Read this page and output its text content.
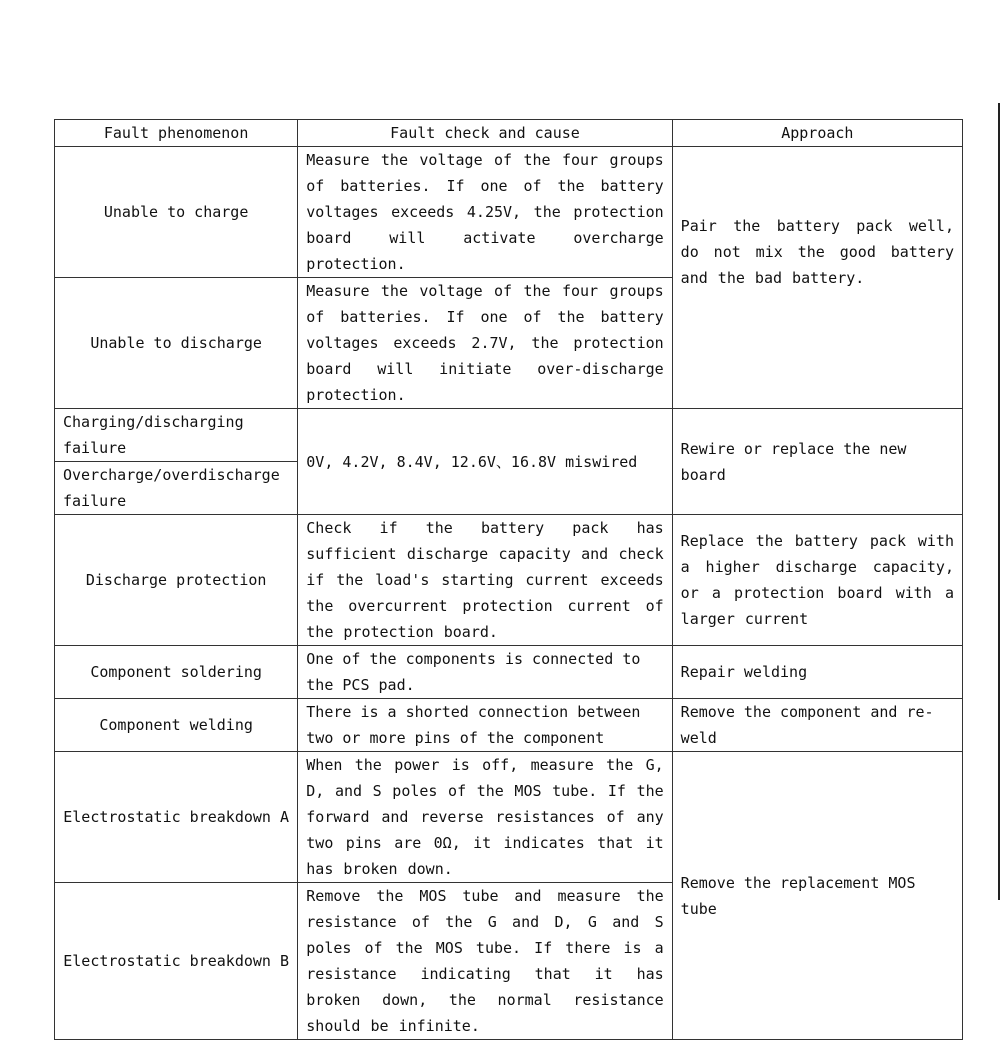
Fault phenomenon	Fault check and cause	Approach
Unable to charge	Measure the voltage of the four groups of batteries. If one of the battery voltages exceeds 4.25V, the protection board will activate overcharge protection.	Pair the battery pack well, do not mix the good battery and the bad battery.
Unable to discharge	Measure the voltage of the four groups of batteries. If one of the battery voltages exceeds 2.7V, the protection board will initiate over-discharge protection.	
Charging/discharging failure	0V, 4.2V, 8.4V, 12.6V、16.8V miswired	Rewire or replace the new board
Overcharge/overdischarge failure		
Discharge protection	Check if the battery pack has sufficient discharge capacity and check if the load's starting current exceeds the overcurrent protection current of the protection board.	Replace the battery pack with a higher discharge capacity, or a protection board with a larger current
Component soldering	One of the components is connected to the PCS pad.	Repair welding
Component welding	There is a shorted connection between two or more pins of the component	Remove the component and re-weld
Electrostatic breakdown A	When the power is off, measure the G, D, and S poles of the MOS tube. If the forward and reverse resistances of any two pins are 0Ω, it indicates that it has broken down.	Remove the replacement MOS tube
Electrostatic breakdown B	Remove the MOS tube and measure the resistance of the G and D, G and S poles of the MOS tube. If there is a resistance indicating that it has broken down, the normal resistance should be infinite.	
